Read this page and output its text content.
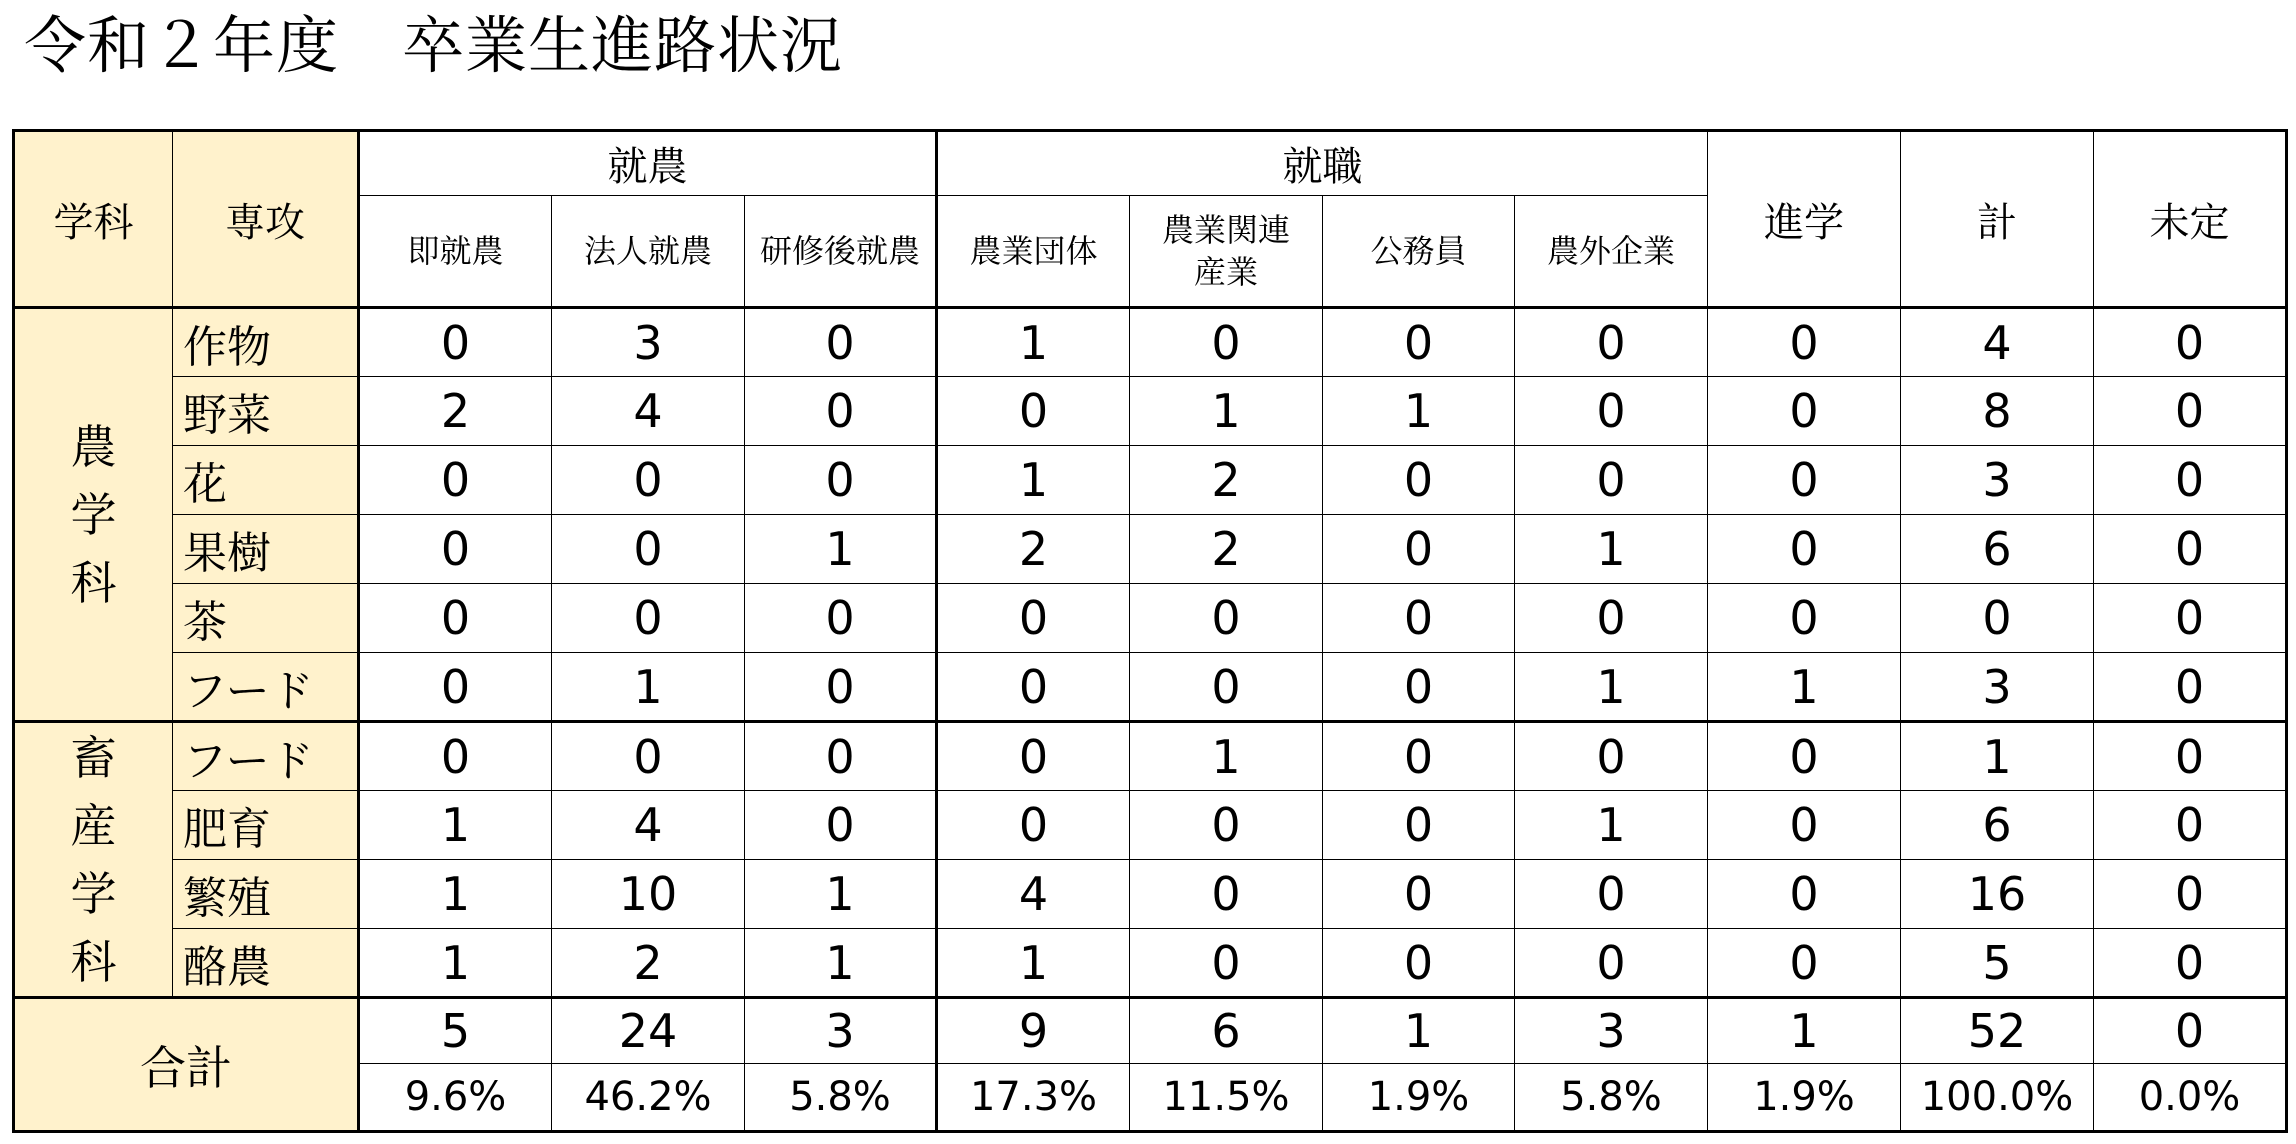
令和２年度　卒業生進路状況
学科	専攻	就農			就職				進学	計	未定
		即就農	法人就農	研修後就農	農業団体	農業関連産業	公務員	農外企業			

農
学
科	作物	0	3	0	1	0	0	0	0	4	0
	野菜	2	4	0	0	1	1	0	0	8	0
	花	0	0	0	1	2	0	0	0	3	0
	果樹	0	0	1	2	2	0	1	0	6	0
	茶	0	0	0	0	0	0	0	0	0	0
	フード	0	1	0	0	0	0	1	1	3	0

畜
産
学
科	フード	0	0	0	0	1	0	0	0	1	0
	肥育	1	4	0	0	0	0	1	0	6	0
	繁殖	1	10	1	4	0	0	0	0	16	0
	酪農	1	2	1	1	0	0	0	0	5	0
合計		5	24	3	9	6	1	3	1	52	0
		9.6%	46.2%	5.8%	17.3%	11.5%	1.9%	5.8%	1.9%	100.0%	0.0%
